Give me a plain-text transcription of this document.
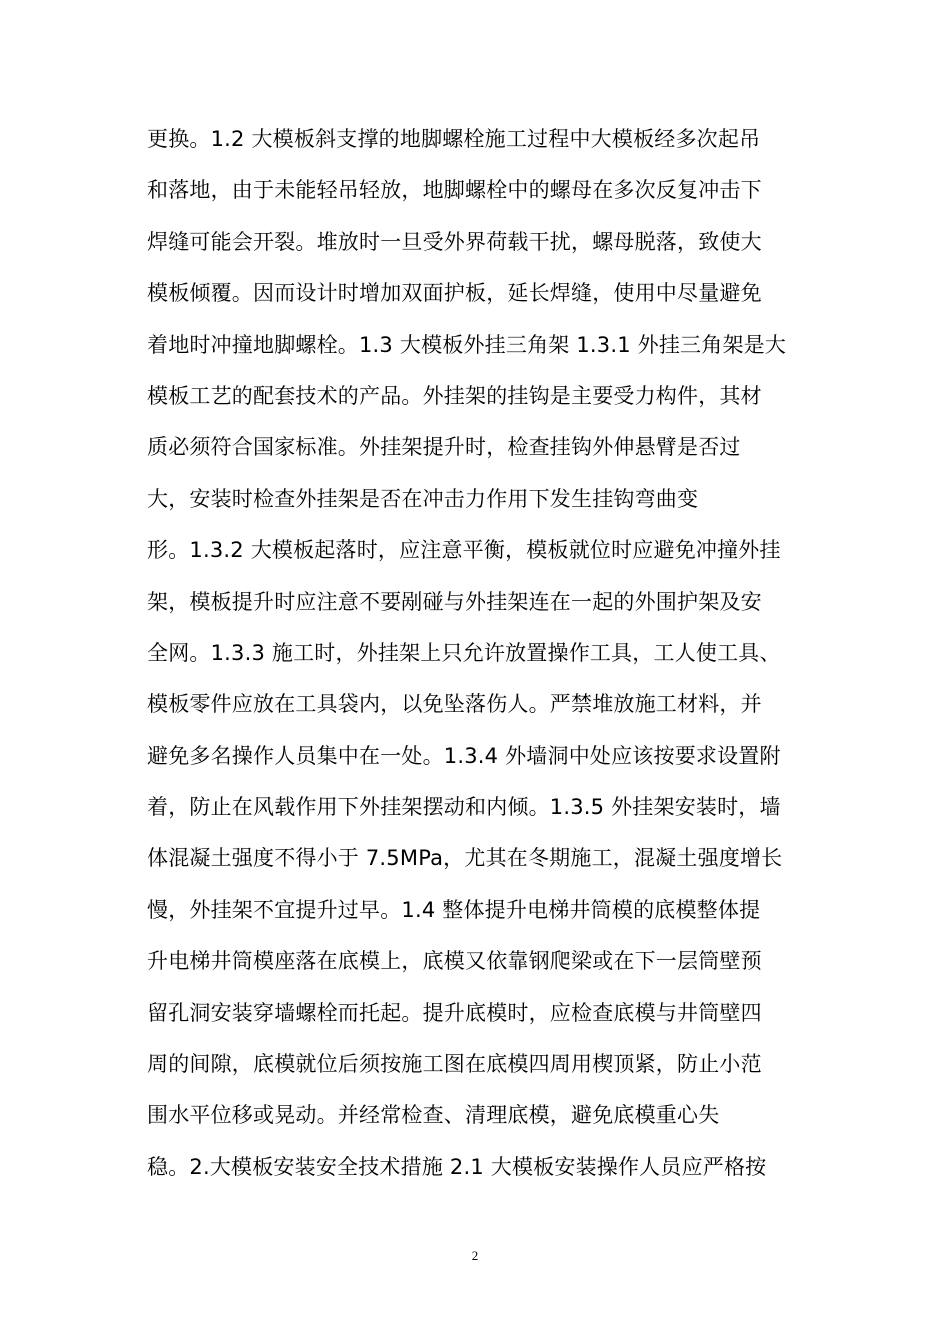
更换。1.2 大模板斜支撑的地脚螺栓施工过程中大模板经多次起吊
和落地，由于未能轻吊轻放，地脚螺栓中的螺母在多次反复冲击下
焊缝可能会开裂。堆放时一旦受外界荷载干扰，螺母脱落，致使大
模板倾覆。因而设计时增加双面护板，延长焊缝，使用中尽量避免
着地时冲撞地脚螺栓。1.3 大模板外挂三角架 1.3.1 外挂三角架是大
模板工艺的配套技术的产品。外挂架的挂钩是主要受力构件，其材
质必须符合国家标准。外挂架提升时，检查挂钩外伸悬臂是否过
大，安装时检查外挂架是否在冲击力作用下发生挂钩弯曲变
形。1.3.2 大模板起落时，应注意平衡，模板就位时应避免冲撞外挂
架，模板提升时应注意不要剐碰与外挂架连在一起的外围护架及安
全网。1.3.3 施工时，外挂架上只允许放置操作工具，工人使工具、
模板零件应放在工具袋内，以免坠落伤人。严禁堆放施工材料，并
避免多名操作人员集中在一处。1.3.4 外墙洞中处应该按要求设置附
着，防止在风载作用下外挂架摆动和内倾。1.3.5 外挂架安装时，墙
体混凝土强度不得小于 7.5MPa，尤其在冬期施工，混凝土强度增长
慢，外挂架不宜提升过早。1.4 整体提升电梯井筒模的底模整体提
升电梯井筒模座落在底模上，底模又依靠钢爬梁或在下一层筒壁预
留孔洞安装穿墙螺栓而托起。提升底模时，应检查底模与井筒壁四
周的间隙，底模就位后须按施工图在底模四周用楔顶紧，防止小范
围水平位移或晃动。并经常检查、清理底模，避免底模重心失
稳。2.大模板安装安全技术措施 2.1 大模板安装操作人员应严格按
2
